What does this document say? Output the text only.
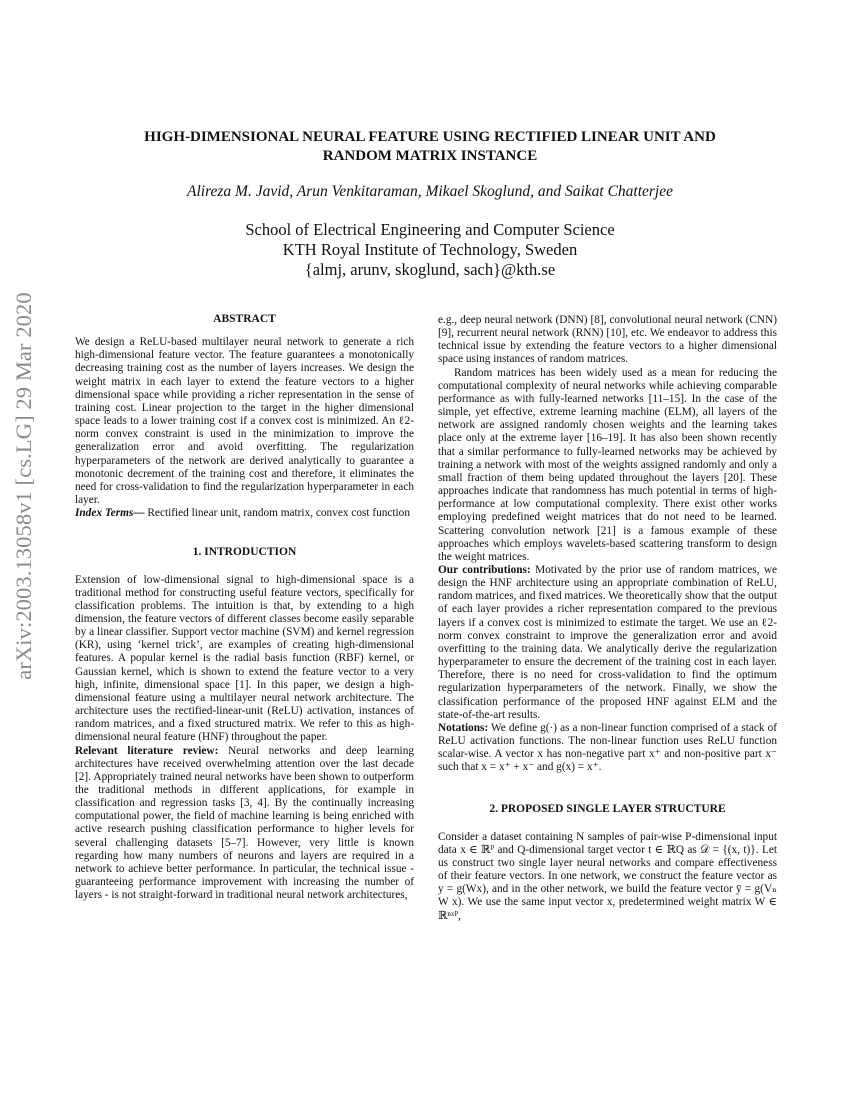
arXiv:2003.13058v1 [cs.LG] 29 Mar 2020
HIGH-DIMENSIONAL NEURAL FEATURE USING RECTIFIED LINEAR UNIT AND
RANDOM MATRIX INSTANCE
Alireza M. Javid, Arun Venkitaraman, Mikael Skoglund, and Saikat Chatterjee
School of Electrical Engineering and Computer Science
KTH Royal Institute of Technology, Sweden
{almj, arunv, skoglund, sach}@kth.se
ABSTRACT

We design a ReLU-based multilayer neural network to generate a rich high-dimensional feature vector. The feature guarantees a monotonically decreasing training cost as the number of layers increases. We design the weight matrix in each layer to extend the feature vectors to a higher dimensional space while providing a richer representation in the sense of training cost. Linear projection to the target in the higher dimensional space leads to a lower training cost if a convex cost is minimized. An ℓ2-norm convex constraint is used in the minimization to improve the generalization error and avoid overfitting. The regularization hyperparameters of the network are derived analytically to guarantee a monotonic decrement of the training cost and therefore, it eliminates the need for cross-validation to find the regularization hyperparameter in each layer.

Index Terms— Rectified linear unit, random matrix, convex cost function

1. INTRODUCTION

Extension of low-dimensional signal to high-dimensional space is a traditional method for constructing useful feature vectors, specifically for classification problems. The intuition is that, by extending to a high dimension, the feature vectors of different classes become easily separable by a linear classifier. Support vector machine (SVM) and kernel regression (KR), using ‘kernel trick’, are examples of creating high-dimensional features. A popular kernel is the radial basis function (RBF) kernel, or Gaussian kernel, which is shown to extend the feature vector to a very high, infinite, dimensional space [1]. In this paper, we design a high-dimensional feature using a multilayer neural network architecture. The architecture uses the rectified-linear-unit (ReLU) activation, instances of random matrices, and a fixed structured matrix. We refer to this as high-dimensional neural feature (HNF) throughout the paper.

Relevant literature review: Neural networks and deep learning architectures have received overwhelming attention over the last decade [2]. Appropriately trained neural networks have been shown to outperform the traditional methods in different applications, for example in classification and regression tasks [3, 4]. By the continually increasing computational power, the field of machine learning is being enriched with active research pushing classification performance to higher levels for several challenging datasets [5–7]. However, very little is known regarding how many numbers of neurons and layers are required in a network to achieve better performance. In particular, the technical issue - guaranteeing performance improvement with increasing the number of layers - is not straight-forward in traditional neural network architectures,

e.g., deep neural network (DNN) [8], convolutional neural network (CNN) [9], recurrent neural network (RNN) [10], etc. We endeavor to address this technical issue by extending the feature vectors to a higher dimensional space using instances of random matrices.

Random matrices has been widely used as a mean for reducing the computational complexity of neural networks while achieving comparable performance as with fully-learned networks [11–15]. In the case of the simple, yet effective, extreme learning machine (ELM), all layers of the network are assigned randomly chosen weights and the learning takes place only at the extreme layer [16–19]. It has also been shown recently that a similar performance to fully-learned networks may be achieved by training a network with most of the weights assigned randomly and only a small fraction of them being updated throughout the layers [20]. These approaches indicate that randomness has much potential in terms of high-performance at low computational complexity. There exist other works employing predefined weight matrices that do not need to be learned. Scattering convolution network [21] is a famous example of these approaches which employs wavelets-based scattering transform to design the weight matrices.

Our contributions: Motivated by the prior use of random matrices, we design the HNF architecture using an appropriate combination of ReLU, random matrices, and fixed matrices. We theoretically show that the output of each layer provides a richer representation compared to the previous layers if a convex cost is minimized to estimate the target. We use an ℓ2-norm convex constraint to improve the generalization error and avoid overfitting to the training data. We analytically derive the regularization hyperparameter to ensure the decrement of the training cost in each layer. Therefore, there is no need for cross-validation to find the optimum regularization hyperparameters of the network. Finally, we show the classification performance of the proposed HNF against ELM and the state-of-the-art results.

Notations: We define g(·) as a non-linear function comprised of a stack of ReLU activation functions. The non-linear function uses ReLU function scalar-wise. A vector x has non-negative part x⁺ and non-positive part x⁻ such that x = x⁺ + x⁻ and g(x) = x⁺.

2. PROPOSED SINGLE LAYER STRUCTURE

Consider a dataset containing N samples of pair-wise P-dimensional input data x ∈ ℝᴾ and Q-dimensional target vector t ∈ ℝQ as 𝒟 = {(x, t)}. Let us construct two single layer neural networks and compare effectiveness of their feature vectors. In one network, we construct the feature vector as y = g(Wx), and in the other network, we build the feature vector ȳ = g(Vₙ W x). We use the same input vector x, predetermined weight matrix W ∈ ℝⁿˣᴾ,
